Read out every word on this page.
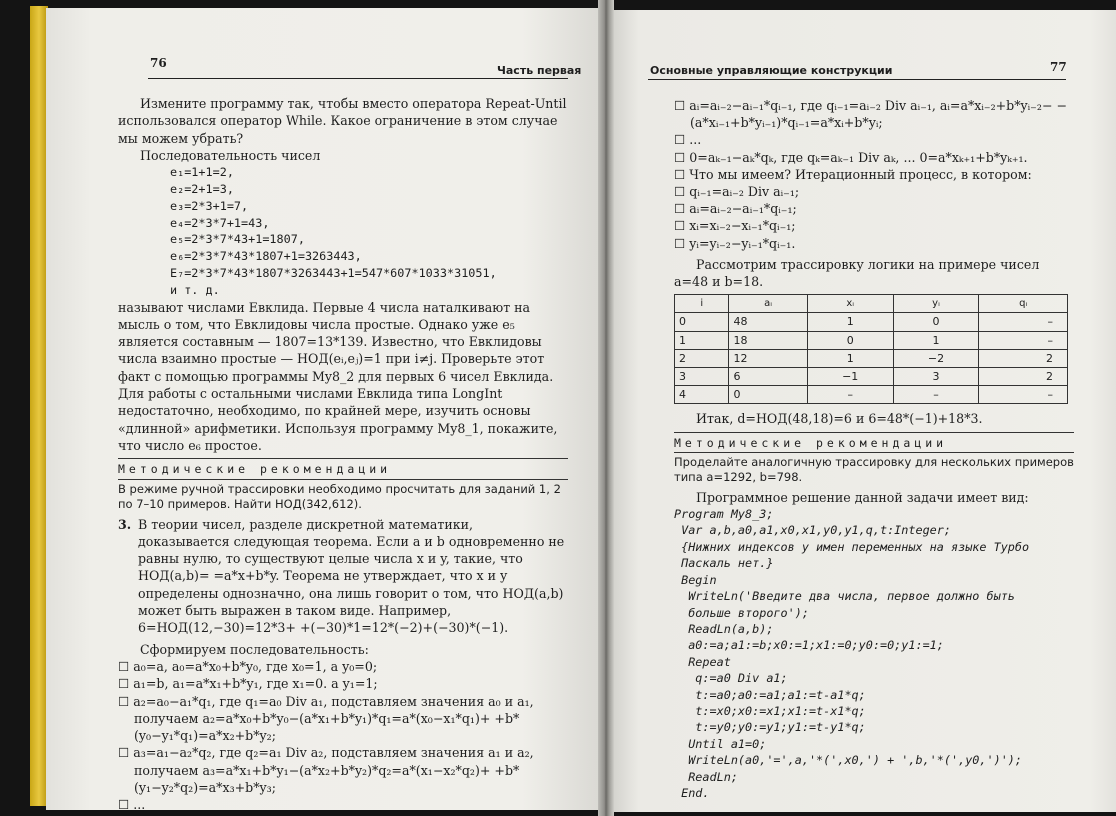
76
Часть первая	Основные управляющие конструкции	77

Измените программу так, чтобы вместо оператора Repeat-Until использовался оператор While. Какое ограничение в этом случае мы можем убрать?

Последовательность чисел

e₁=1+1=2,
e₂=2+1=3,
e₃=2*3+1=7,
e₄=2*3*7+1=43,
e₅=2*3*7*43+1=1807,
e₆=2*3*7*43*1807+1=3263443,
E₇=2*3*7*43*1807*3263443+1=547*607*1033*31051,
и т. д.

называют числами Евклида. Первые 4 числа наталкивают на мысль о том, что Евклидовы числа простые. Однако уже e₅ является составным — 1807=13*139. Известно, что Евклидовы числа взаимно простые — НОД(eᵢ,eⱼ)=1 при i≠j. Проверьте этот факт с помощью программы My8_2 для первых 6 чисел Евклида. Для работы с остальными числами Евклида типа LongInt недостаточно, необходимо, по крайней мере, изучить основы «длинной» арифметики. Используя программу My8_1, покажите, что число e₆ простое.

Методические рекомендации
В режиме ручной трассировки необходимо просчитать для заданий 1, 2 по 7–10 примеров. Найти НОД(342,612).
3. В теории чисел, разделе дискретной математики, доказывается следующая теорема. Если a и b одновременно не равны нулю, то существуют целые числа x и y, такие, что НОД(a,b)= =a*x+b*y. Теорема не утверждает, что x и y определены однозначно, она лишь говорит о том, что НОД(a,b) может быть выражен в таком виде. Например, 6=НОД(12,−30)=12*3+ +(−30)*1=12*(−2)+(−30)*(−1).

Сформируем последовательность:

☐ a₀=a, a₀=a*x₀+b*y₀, где x₀=1, а y₀=0;

☐ a₁=b, a₁=a*x₁+b*y₁, где x₁=0. а y₁=1;

☐ a₂=a₀−a₁*q₁, где q₁=a₀ Div a₁, подставляем значения a₀ и a₁, получаем a₂=a*x₀+b*y₀−(a*x₁+b*y₁)*q₁=a*(x₀−x₁*q₁)+ +b*(y₀−y₁*q₁)=a*x₂+b*y₂;

☐ a₃=a₁−a₂*q₂, где q₂=a₁ Div a₂, подставляем значения a₁ и a₂, получаем a₃=a*x₁+b*y₁−(a*x₂+b*y₂)*q₂=a*(x₁−x₂*q₂)+ +b*(y₁−y₂*q₂)=a*x₃+b*y₃;

☐ ...

☐ aᵢ=aᵢ₋₂−aᵢ₋₁*qᵢ₋₁, где qᵢ₋₁=aᵢ₋₂ Div aᵢ₋₁, aᵢ=a*xᵢ₋₂+b*yᵢ₋₂− −(a*xᵢ₋₁+b*yᵢ₋₁)*qᵢ₋₁=a*xᵢ+b*yᵢ;

☐ ...

☐ 0=aₖ₋₁−aₖ*qₖ, где qₖ=aₖ₋₁ Div aₖ, ... 0=a*xₖ₊₁+b*yₖ₊₁.

☐ Что мы имеем? Итерационный процесс, в котором:

☐ qᵢ₋₁=aᵢ₋₂ Div aᵢ₋₁;

☐ aᵢ=aᵢ₋₂−aᵢ₋₁*qᵢ₋₁;

☐ xᵢ=xᵢ₋₂−xᵢ₋₁*qᵢ₋₁;

☐ yᵢ=yᵢ₋₂−yᵢ₋₁*qᵢ₋₁.

Рассмотрим трассировку логики на примере чисел a=48 и b=18.

i	aᵢ	xᵢ	yᵢ	qᵢ
0	48	1	0	–
1	18	0	1	–
2	12	1	−2	2
3	6	−1	3	2
4	0	–	–	–

Итак, d=НОД(48,18)=6 и 6=48*(−1)+18*3.

Методические рекомендации
Проделайте аналогичную трассировку для нескольких примеров типа a=1292, b=798.

Программное решение данной задачи имеет вид:

Program My8_3;
Var a,b,a0,a1,x0,x1,y0,y1,q,t:Integer;
{Нижних индексов у имен переменных на языке Турбо
Паскаль нет.}
Begin
WriteLn('Введите два числа, первое должно быть
больше второго');
ReadLn(a,b);
a0:=a;a1:=b;x0:=1;x1:=0;y0:=0;y1:=1;
Repeat
q:=a0 Div a1;
t:=a0;a0:=a1;a1:=t-a1*q;
t:=x0;x0:=x1;x1:=t-x1*q;
t:=y0;y0:=y1;y1:=t-y1*q;
Until a1=0;
WriteLn(a0,'=',a,'*(',x0,') + ',b,'*(',y0,')');
ReadLn;
End.
